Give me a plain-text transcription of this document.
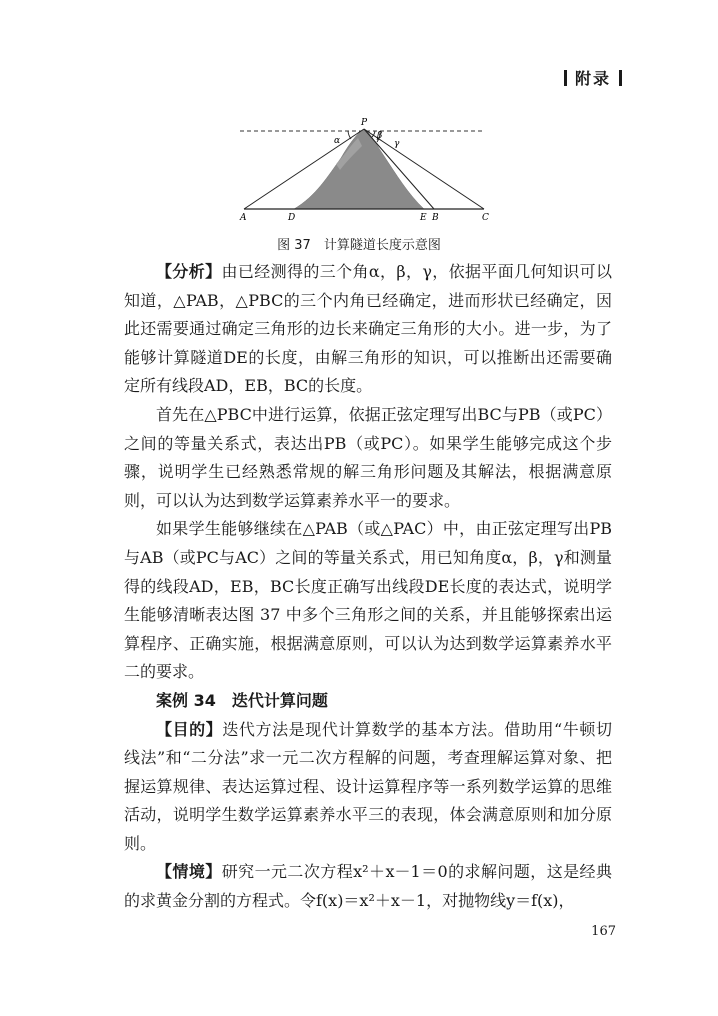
附录
P
α	β
γ
A	D	E B	C
图 37　计算隧道长度示意图

【分析】由已经测得的三个角α，β，γ，依据平面几何知识可以知道，△PAB，△PBC的三个内角已经确定，进而形状已经确定，因此还需要通过确定三角形的边长来确定三角形的大小。进一步，为了能够计算隧道DE的长度，由解三角形的知识，可以推断出还需要确定所有线段AD，EB，BC的长度。

首先在△PBC中进行运算，依据正弦定理写出BC与PB（或PC）之间的等量关系式，表达出PB（或PC）。如果学生能够完成这个步骤，说明学生已经熟悉常规的解三角形问题及其解法，根据满意原则，可以认为达到数学运算素养水平一的要求。

如果学生能够继续在△PAB（或△PAC）中，由正弦定理写出PB与AB（或PC与AC）之间的等量关系式，用已知角度α，β，γ和测量得的线段AD，EB，BC长度正确写出线段DE长度的表达式，说明学生能够清晰表达图 37 中多个三角形之间的关系，并且能够探索出运算程序、正确实施，根据满意原则，可以认为达到数学运算素养水平二的要求。

案例 34　迭代计算问题

【目的】迭代方法是现代计算数学的基本方法。借助用“牛顿切线法”和“二分法”求一元二次方程解的问题，考查理解运算对象、把握运算规律、表达运算过程、设计运算程序等一系列数学运算的思维活动，说明学生数学运算素养水平三的表现，体会满意原则和加分原则。

【情境】研究一元二次方程x²＋x－1＝0的求解问题，这是经典的求黄金分割的方程式。令f(x)＝x²＋x－1，对抛物线y＝f(x)，

167
